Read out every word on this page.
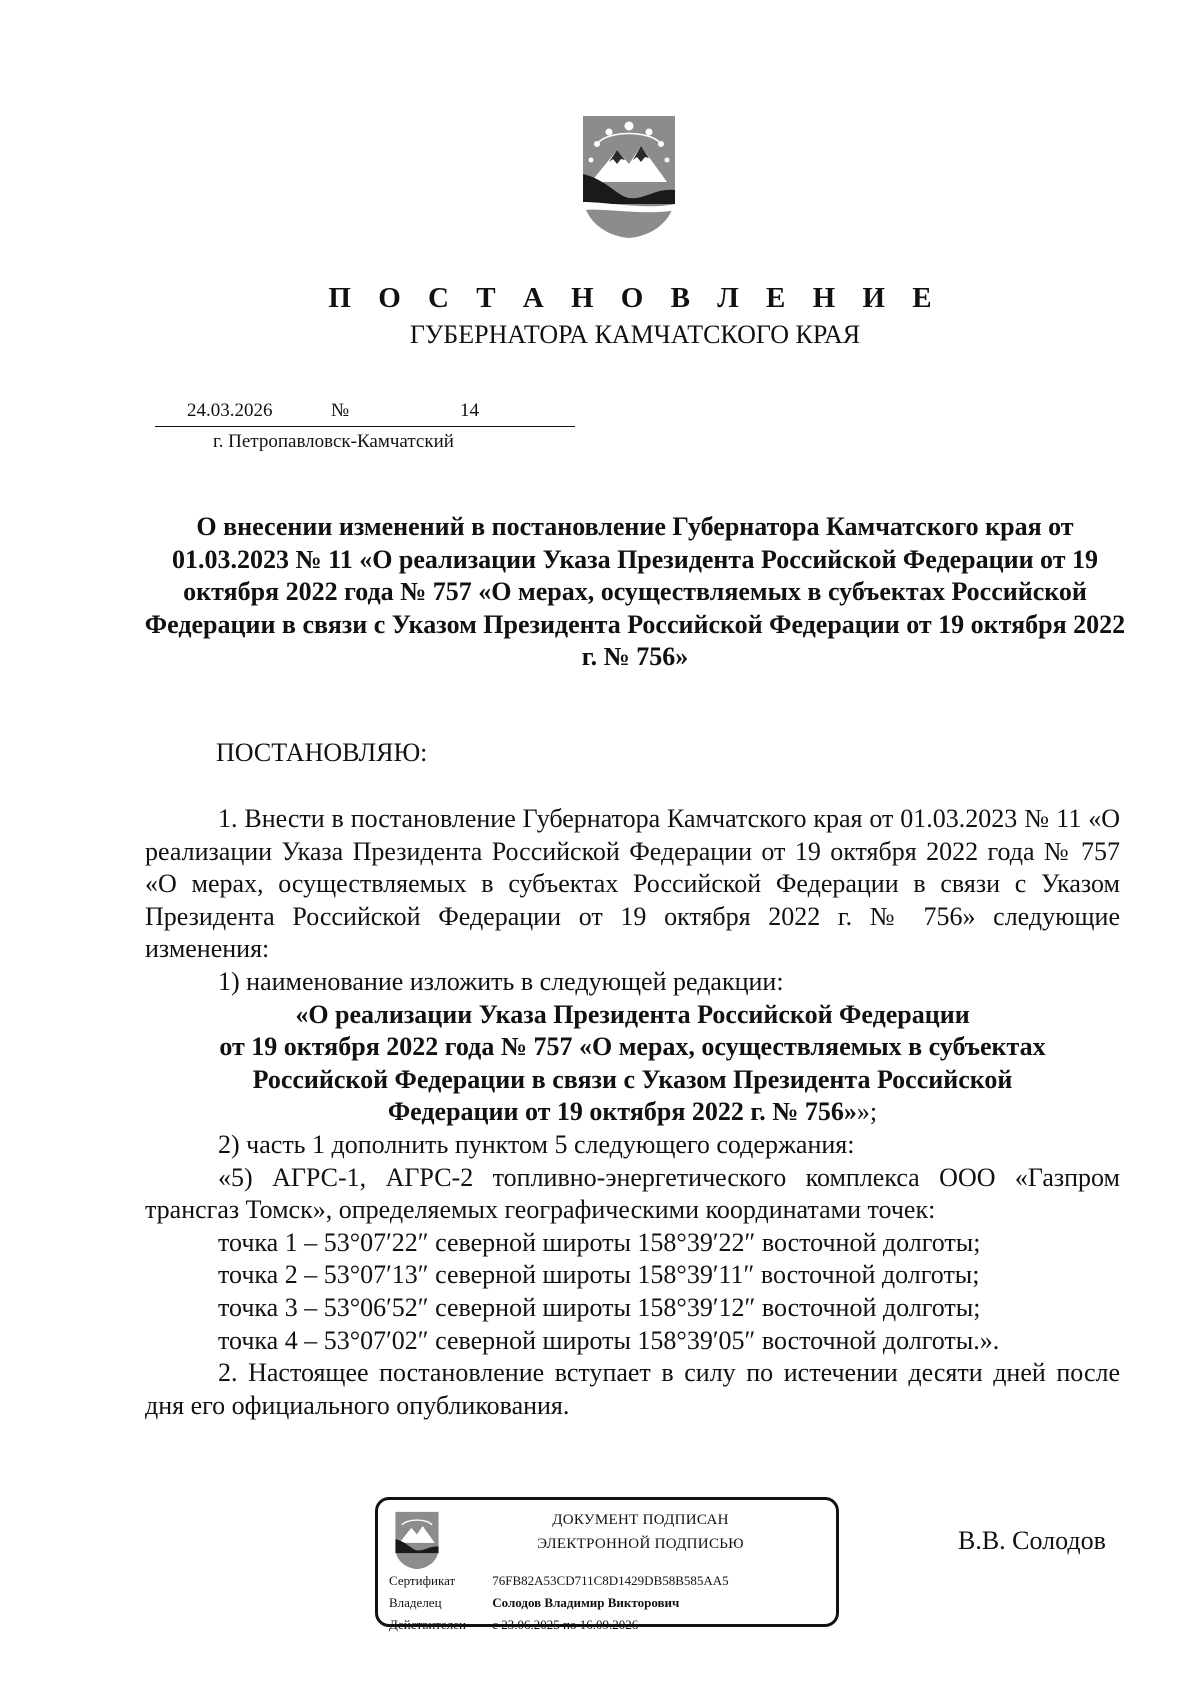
П О С Т А Н О В Л Е Н И Е
ГУБЕРНАТОРА КАМЧАТСКОГО КРАЯ
24.03.2026	№	14
г. Петропавловск-Камчатский
О внесении изменений в постановление Губернатора Камчатского края от 01.03.2023 № 11 «О реализации Указа Президента Российской Федерации от 19 октября 2022 года № 757 «О мерах, осуществляемых в субъектах Российской Федерации в связи с Указом Президента Российской Федерации от 19 октября 2022 г. № 756»
ПОСТАНОВЛЯЮ:

1. Внести в постановление Губернатора Камчатского края от 01.03.2023 № 11 «О реализации Указа Президента Российской Федерации от 19 октября 2022 года № 757 «О мерах, осуществляемых в субъектах Российской Федерации в связи с Указом Президента Российской Федерации от 19 октября 2022 г. № 756» следующие изменения:

1) наименование изложить в следующей редакции:

«О реализации Указа Президента Российской Федерации

от 19 октября 2022 года № 757 «О мерах, осуществляемых в субъектах

Российской Федерации в связи с Указом Президента Российской

Федерации от 19 октября 2022 г. № 756»»;

2) часть 1 дополнить пунктом 5 следующего содержания:

«5) АГРС-1, АГРС-2 топливно-энергетического комплекса ООО «Газпром трансгаз Томск», определяемых географическими координатами точек:

точка 1 – 53°07′22″ северной широты 158°39′22″ восточной долготы;

точка 2 – 53°07′13″ северной широты 158°39′11″ восточной долготы;

точка 3 – 53°06′52″ северной широты 158°39′12″ восточной долготы;

точка 4 – 53°07′02″ северной широты 158°39′05″ восточной долготы.».

2. Настоящее постановление вступает в силу по истечении десяти дней после дня его официального опубликования.

ДОКУМЕНТ ПОДПИСАН
ЭЛЕКТРОННОЙ ПОДПИСЬЮ
Сертификат	76FB82A53CD711C8D1429DB58B585AA5
Владелец	Солодов Владимир Викторович
Действителен с 23.06.2025 по 16.09.2026
В.В. Солодов
